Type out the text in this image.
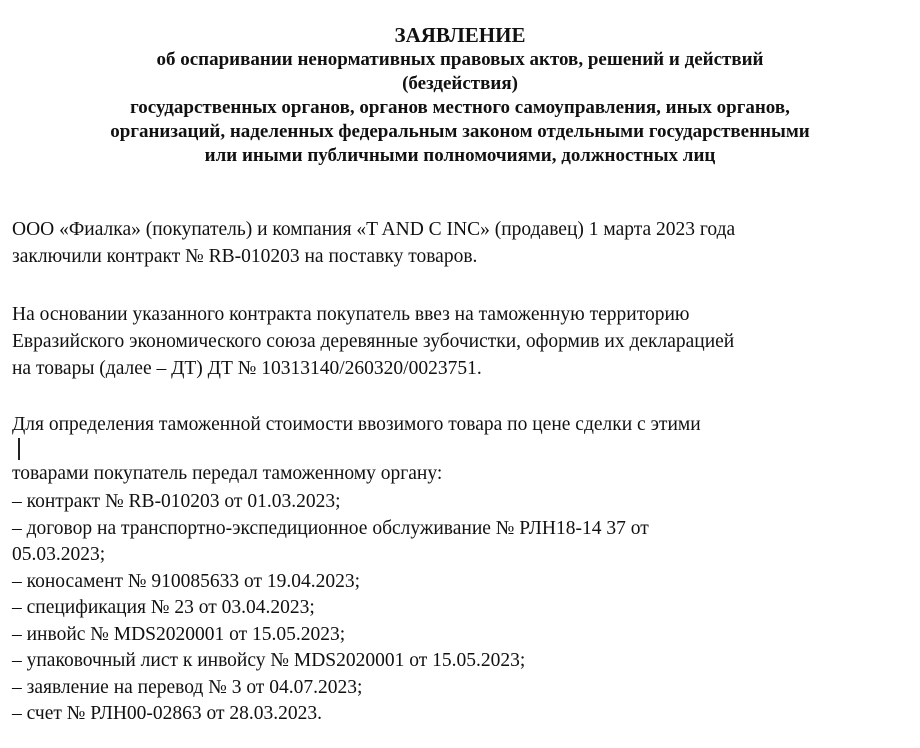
ЗАЯВЛЕНИЕ

об оспаривании ненормативных правовых актов, решений и действий

(бездействия)

государственных органов, органов местного самоуправления, иных органов,

организаций, наделенных федеральным законом отдельными государственными

или иными публичными полномочиями, должностных лиц

ООО «Фиалка» (покупатель) и компания «T AND C INC» (продавец) 1 марта 2023 года
заключили контракт № RB-010203 на поставку товаров.

На основании указанного контракта покупатель ввез на таможенную территорию
Евразийского экономического союза деревянные зубочистки, оформив их декларацией
на товары (далее – ДТ) ДТ № 10313140/260320/0023751.

Для определения таможенной стоимости ввозимого товара по цене сделки с этими
товарами покупатель передал таможенному органу:

– контракт № RB-010203 от 01.03.2023;
– договор на транспортно-экспедиционное обслуживание № РЛН18-14 37 от
05.03.2023;
– коносамент № 910085633 от 19.04.2023;
– спецификация № 23 от 03.04.2023;
– инвойс № MDS2020001 от 15.05.2023;
– упаковочный лист к инвойсу № MDS2020001 от 15.05.2023;
– заявление на перевод № 3 от 04.07.2023;
– счет № РЛН00-02863 от 28.03.2023.
